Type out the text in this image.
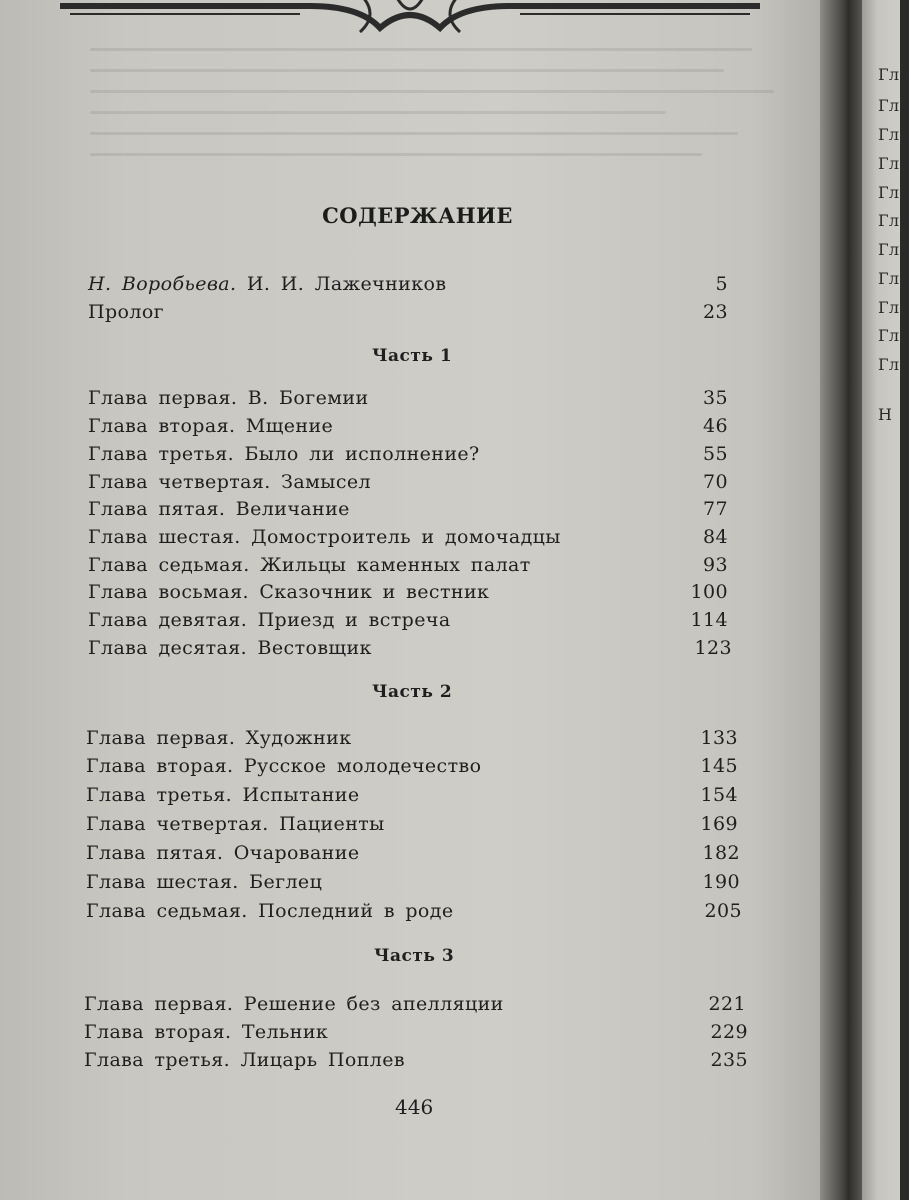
СОДЕРЖАНИЕ
Н. Воробьева. И. И. Лажечников	5
Пролог	23
Часть 1
Глава первая. В. Богемии	35
Глава вторая. Мщение	46
Глава третья. Было ли исполнение?	55
Глава четвертая. Замысел	70
Глава пятая. Величание	77
Глава шестая. Домостроитель и домочадцы	84
Глава седьмая. Жильцы каменных палат	93
Глава восьмая. Сказочник и вестник	100
Глава девятая. Приезд и встреча	114
Глава десятая. Вестовщик	123
Часть 2
Глава первая. Художник	133
Глава вторая. Русское молодечество	145
Глава третья. Испытание	154
Глава четвертая. Пациенты	169
Глава пятая. Очарование	182
Глава шестая. Беглец	190
Глава седьмая. Последний в роде	205
Часть 3
Глава первая. Решение без апелляции	221
Глава вторая. Тельник	229
Глава третья. Лицарь Поплев	235
446
Гла
Гла
Гла
Гла
Гла
Гла
Гла
Гла
Гл
Гл
Гл
Н
